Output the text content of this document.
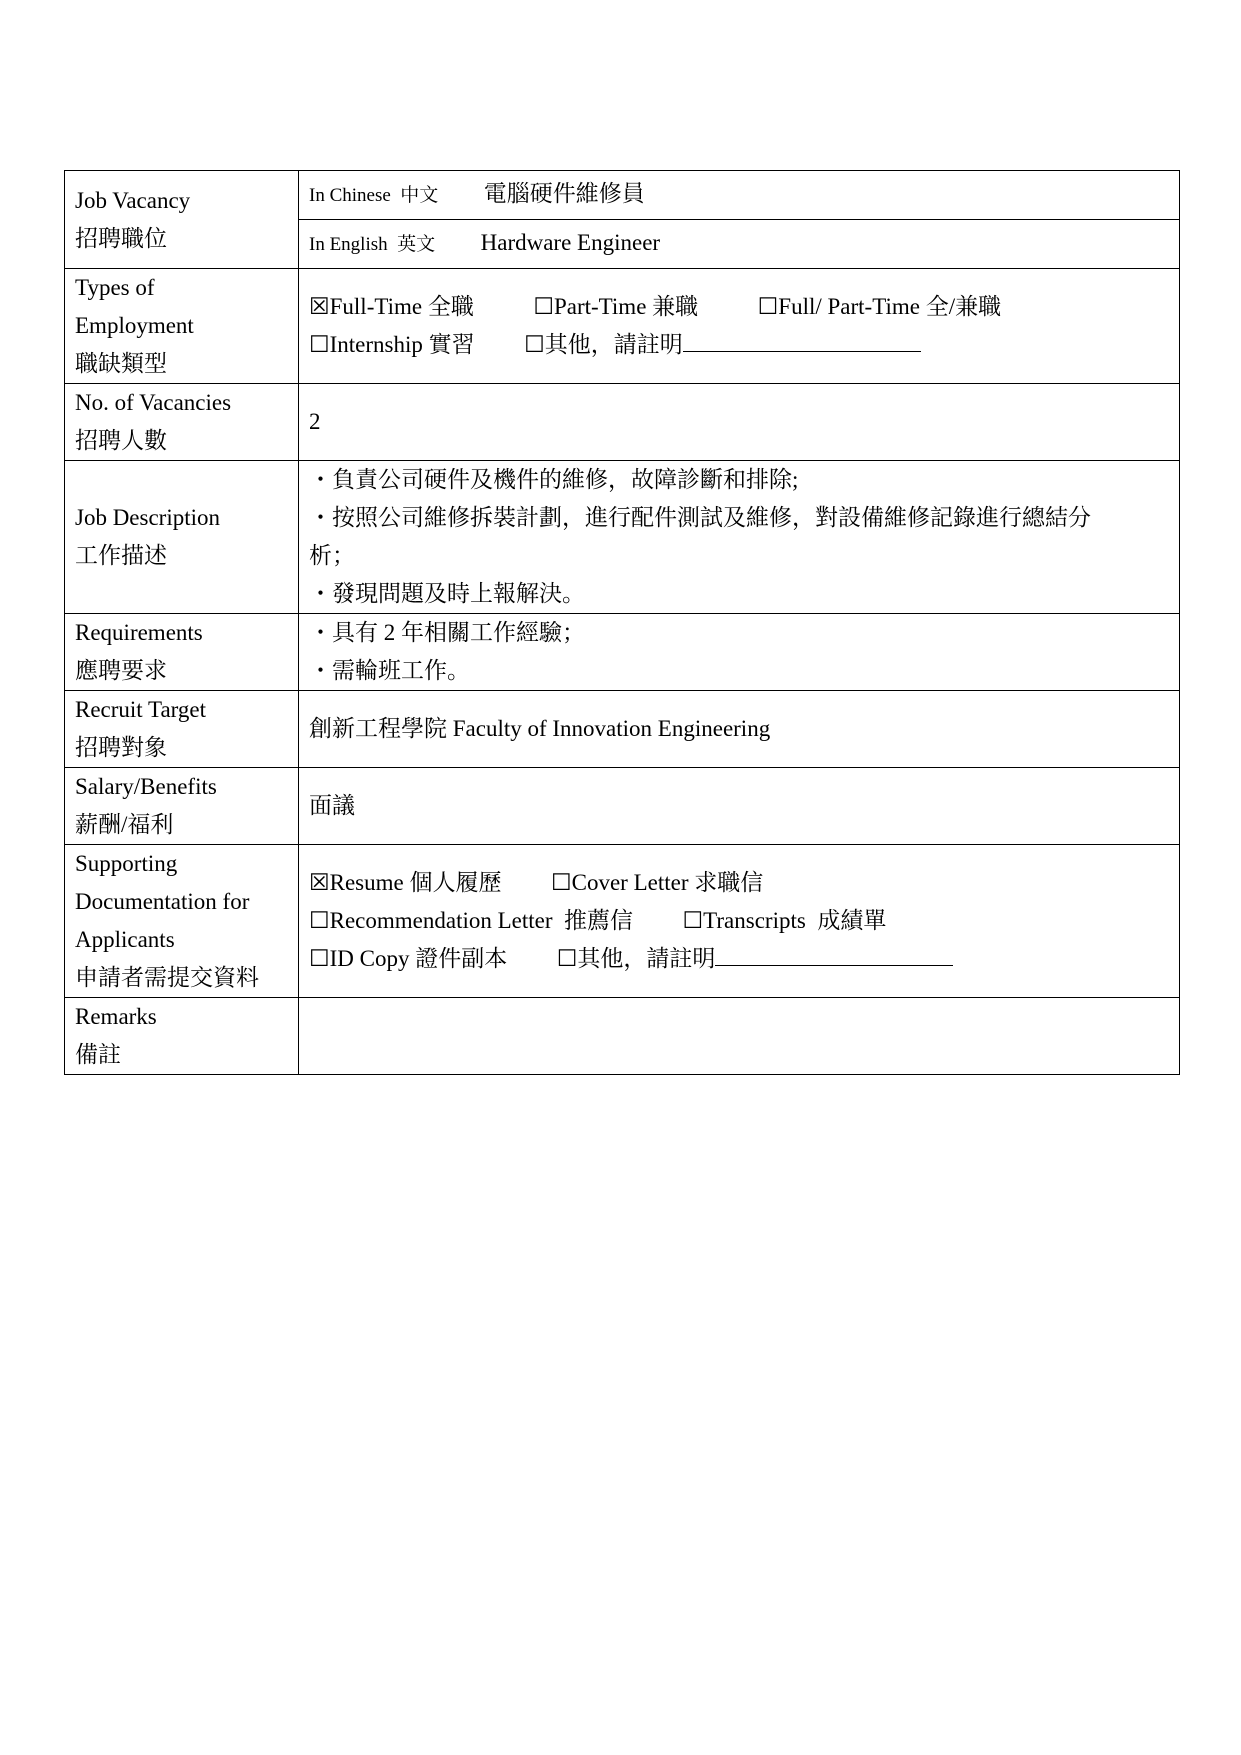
Job Vacancy
招聘職位	In Chinese  中文 電腦硬件維修員
	In English  英文 Hardware Engineer

Types of
Employment
職缺類型	☒Full-Time 全職 ☐Part-Time 兼職 ☐Full/ Part-Time 全/兼職
☐Internship 實習 ☐其他，請註明

No. of Vacancies
招聘人數	2

Job Description
工作描述	・負責公司硬件及機件的維修，故障診斷和排除;
・按照公司維修拆裝計劃，進行配件測試及維修，對設備維修記錄進行總結分
析；
・發現問題及時上報解決。

Requirements
應聘要求	・具有 2 年相關工作經驗；
・需輪班工作。

Recruit Target
招聘對象	創新工程學院 Faculty of Innovation Engineering

Salary/Benefits
薪酬/福利	面議

Supporting
Documentation for
Applicants
申請者需提交資料	☒Resume 個人履歷 ☐Cover Letter 求職信
☐Recommendation Letter  推薦信 ☐Transcripts  成績單
☐ID Copy 證件副本 ☐其他，請註明

Remarks
備註	
